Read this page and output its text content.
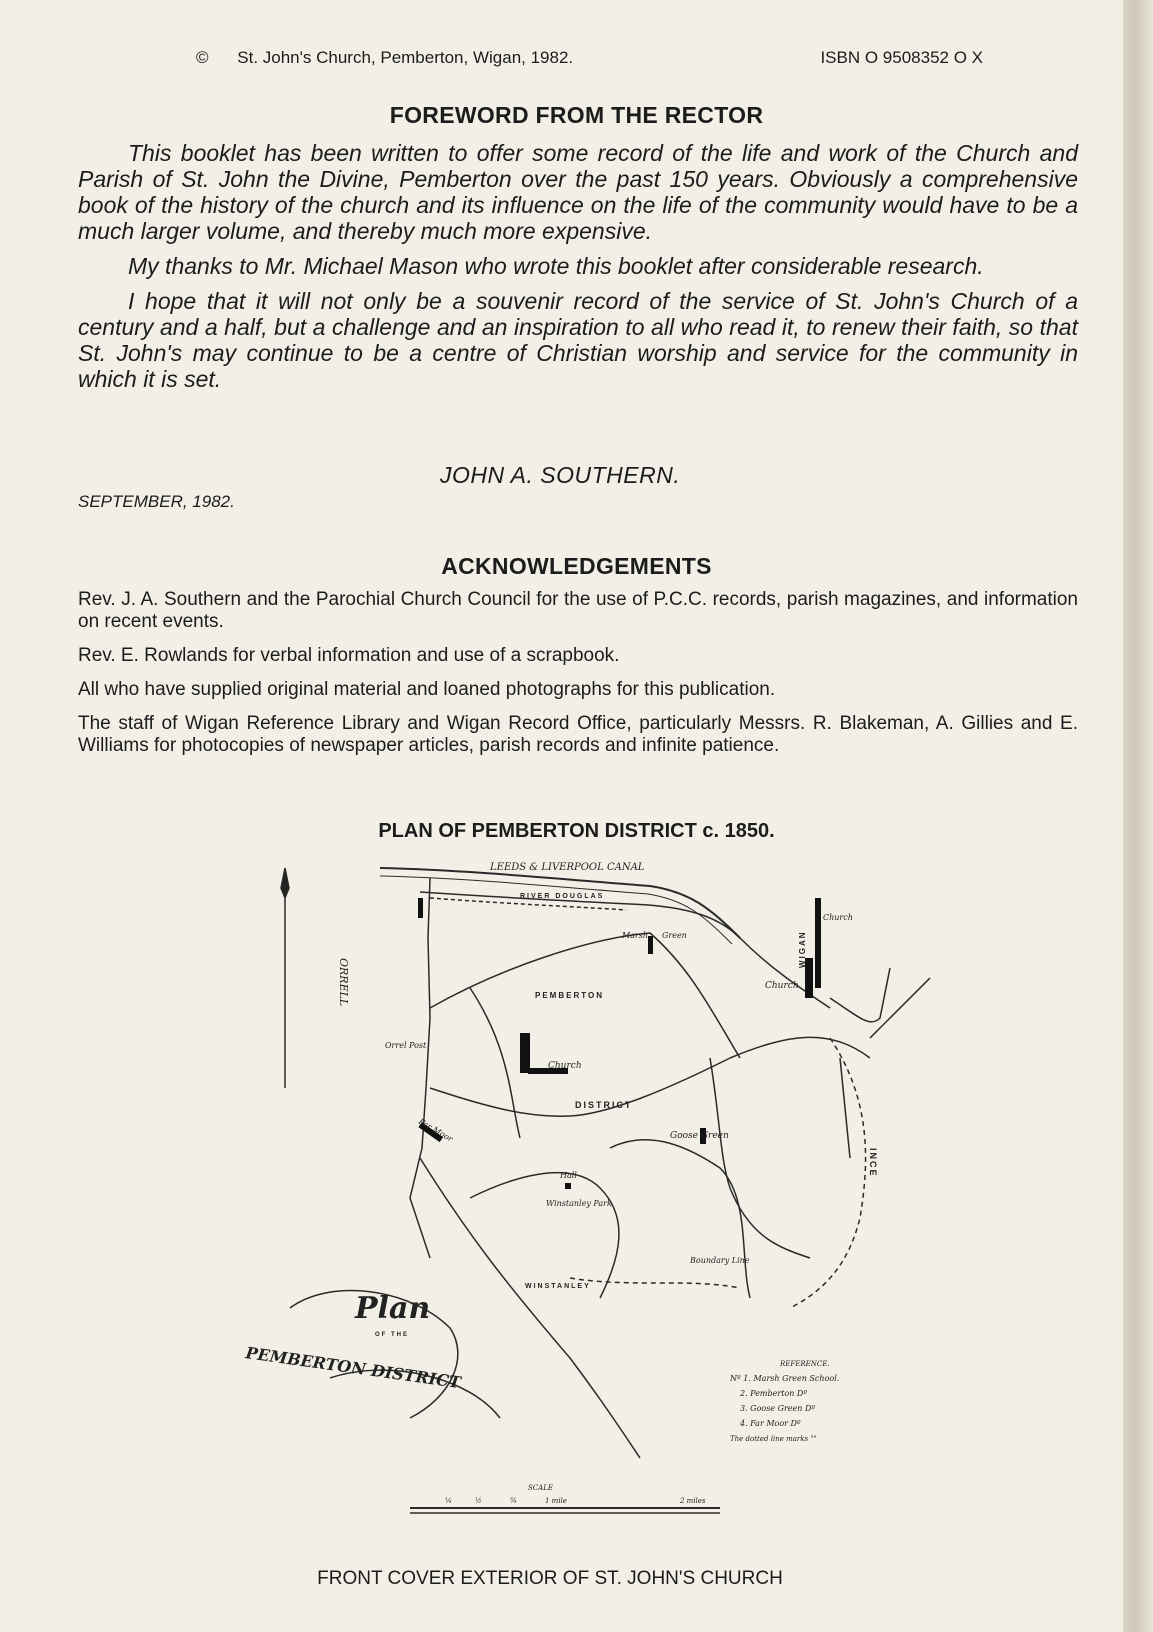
© St. John's Church, Pemberton, Wigan, 1982.	ISBN O 9508352 O X
FOREWORD FROM THE RECTOR

This booklet has been written to offer some record of the life and work of the Church and Parish of St. John the Divine, Pemberton over the past 150 years. Obviously a comprehensive book of the history of the church and its influence on the life of the community would have to be a much larger volume, and thereby much more expensive.

My thanks to Mr. Michael Mason who wrote this booklet after considerable research.

I hope that it will not only be a souvenir record of the service of St. John's Church of a century and a half, but a challenge and an inspiration to all who read it, to renew their faith, so that St. John's may continue to be a centre of Christian worship and service for the community in which it is set.

JOHN A. SOUTHERN.
SEPTEMBER, 1982.
ACKNOWLEDGEMENTS

Rev. J. A. Southern and the Parochial Church Council for the use of P.C.C. records, parish magazines, and information on recent events.

Rev. E. Rowlands for verbal information and use of a scrapbook.

All who have supplied original material and loaned photographs for this publication.

The staff of Wigan Reference Library and Wigan Record Office, particularly Messrs. R. Blakeman, A. Gillies and E. Williams for photocopies of newspaper articles, parish records and infinite patience.

PLAN OF PEMBERTON DISTRICT c. 1850.
LEEDS & LIVERPOOL CANAL
RIVER DOUGLAS
PEMBERTON
DISTRICT
WINSTANLEY
WIGAN
INCE
ORRELL
Church
Church
Church
Marsh Green
Goose Green
Far Moor
Orrel Post
Hall
Winstanley Park
Boundary Line
Plan
OF THE
PEMBERTON DISTRICT
SCALE
¼	½	¾	1 mile	2 miles
REFERENCE.
Nº 1. Marsh Green School.
2. Pemberton Dº
3. Goose Green Dº
4. Far Moor Dº
The dotted line marks ""
FRONT COVER EXTERIOR OF ST. JOHN'S CHURCH
